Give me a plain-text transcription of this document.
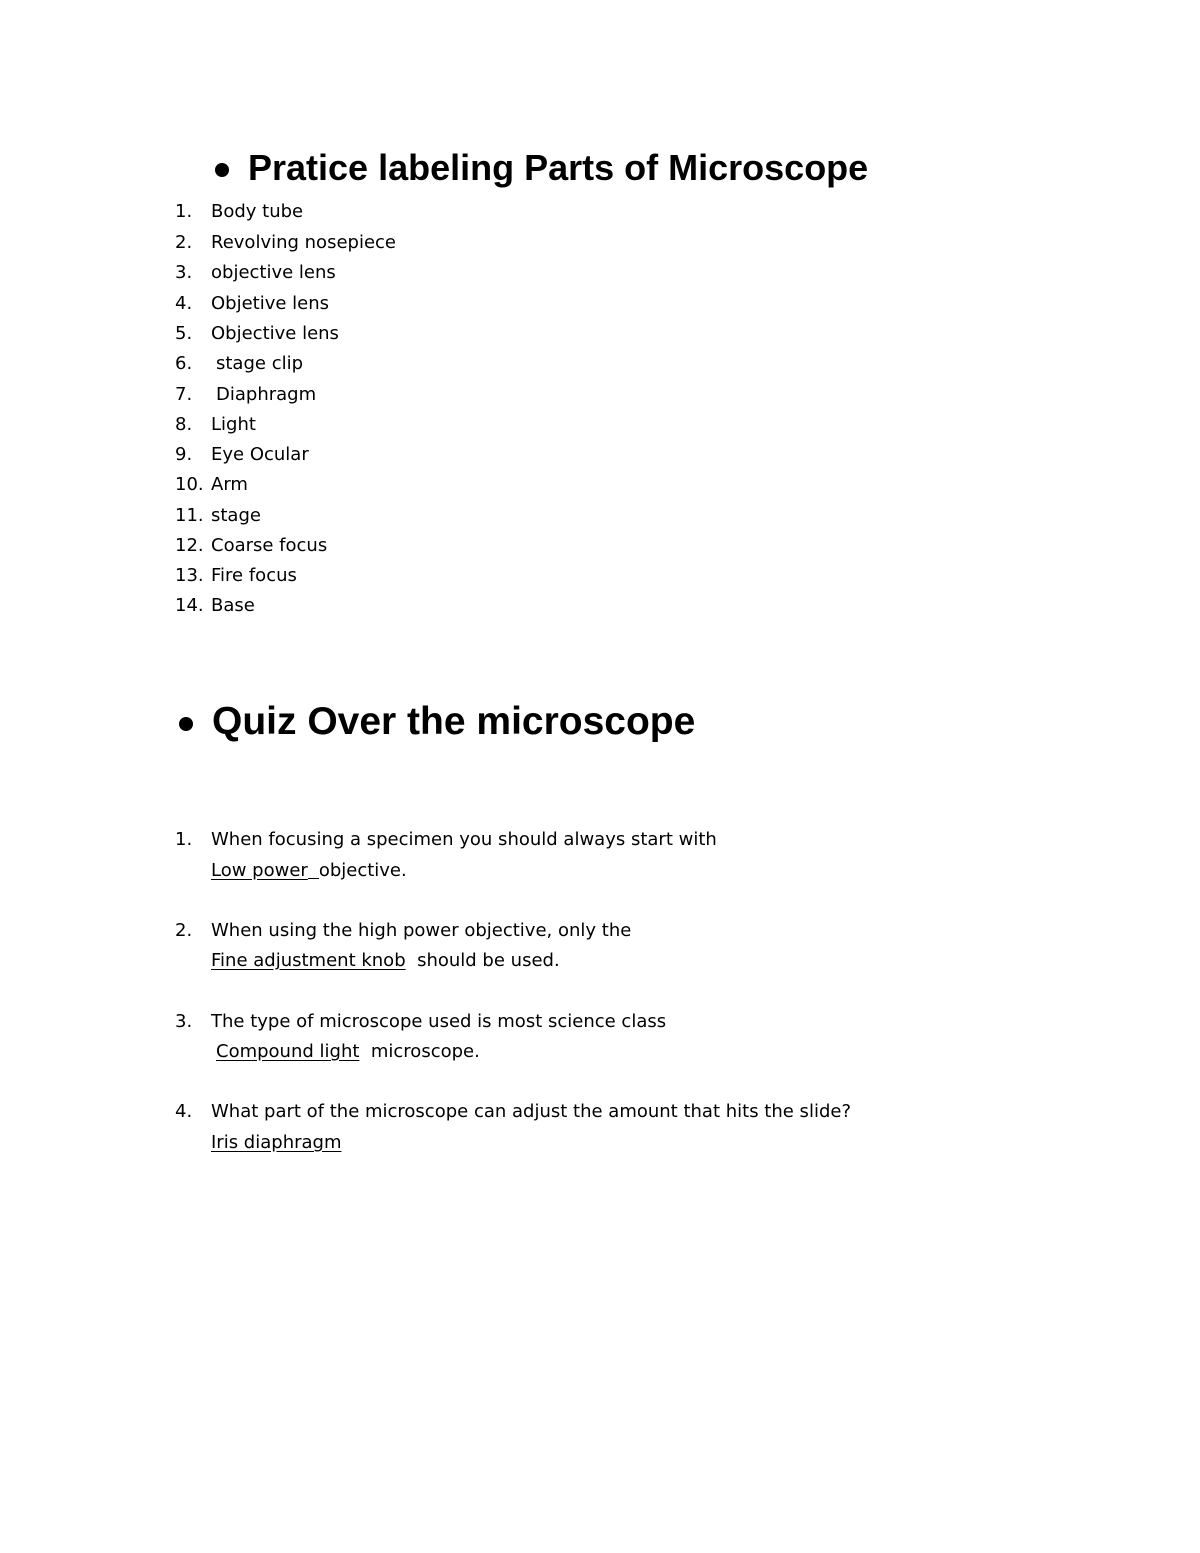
Pratice labeling Parts of Microscope
1. Body tube
2. Revolving nosepiece
3. objective lens
4. Objetive lens
5. Objective lens
6. stage clip
7. Diaphragm
8. Light
9. Eye Ocular
10. Arm
11. stage
12. Coarse focus
13. Fire focus
14. Base
Quiz Over the microscope
1. When focusing a specimen you should always start with
Low power objective.
2. When using the high power objective, only the
Fine adjustment knob should be used.
3. The type of microscope used is most science class
Compound light microscope.
4. What part of the microscope can adjust the amount that hits the slide?
Iris diaphragm
